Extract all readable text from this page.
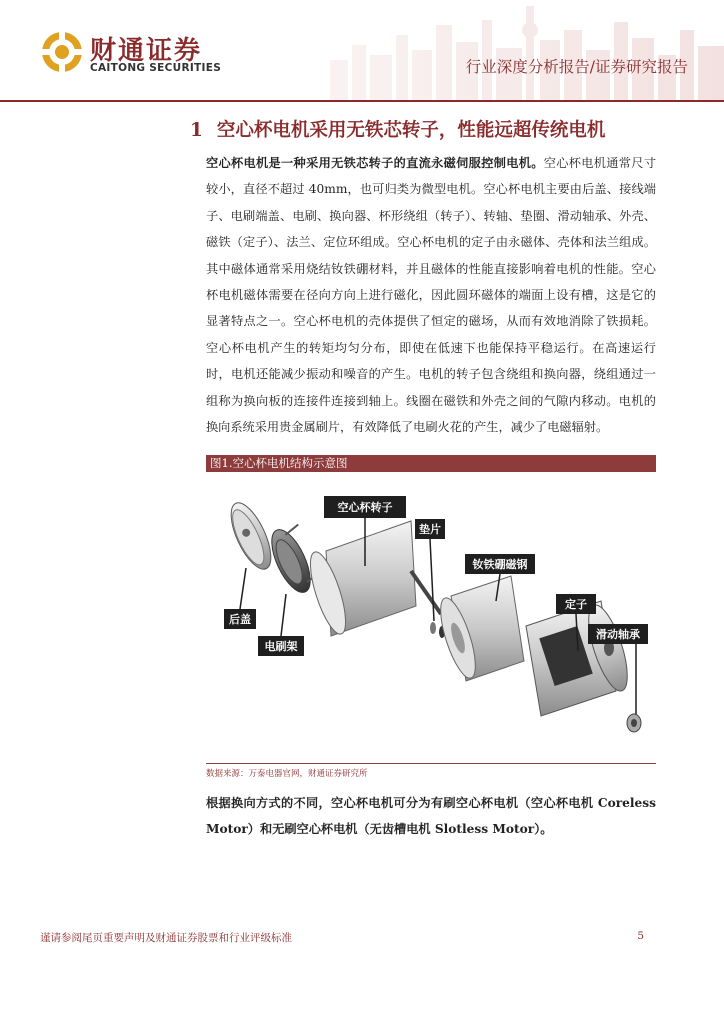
财通证券
CAITONG SECURITIES	行业深度分析报告/证券研究报告
1 空心杯电机采用无铁芯转子，性能远超传统电机

空心杯电机是一种采用无铁芯转子的直流永磁伺服控制电机。空心杯电机通常尺寸较小，直径不超过 40mm，也可归类为微型电机。空心杯电机主要由后盖、接线端子、电刷端盖、电刷、换向器、杯形绕组（转子）、转轴、垫圈、滑动轴承、外壳、磁铁（定子）、法兰、定位环组成。空心杯电机的定子由永磁体、壳体和法兰组成。其中磁体通常采用烧结钕铁硼材料，并且磁体的性能直接影响着电机的性能。空心杯电机磁体需要在径向方向上进行磁化，因此圆环磁体的端面上设有槽，这是它的显著特点之一。空心杯电机的壳体提供了恒定的磁场，从而有效地消除了铁损耗。空心杯电机产生的转矩均匀分布，即使在低速下也能保持平稳运行。在高速运行时，电机还能减少振动和噪音的产生。电机的转子包含绕组和换向器，绕组通过一组称为换向板的连接件连接到轴上。线圈在磁铁和外壳之间的气隙内移动。电机的换向系统采用贵金属刷片，有效降低了电刷火花的产生，减少了电磁辐射。

图1.空心杯电机结构示意图
空心杯转子
垫片
钕铁硼磁钢
定子
滑动轴承
后盖
电刷架
数据来源：万泰电器官网，财通证券研究所

根据换向方式的不同，空心杯电机可分为有刷空心杯电机（空心杯电机 Coreless Motor）和无刷空心杯电机（无齿槽电机 Slotless Motor）。

谨请参阅尾页重要声明及财通证券股票和行业评级标准	5
